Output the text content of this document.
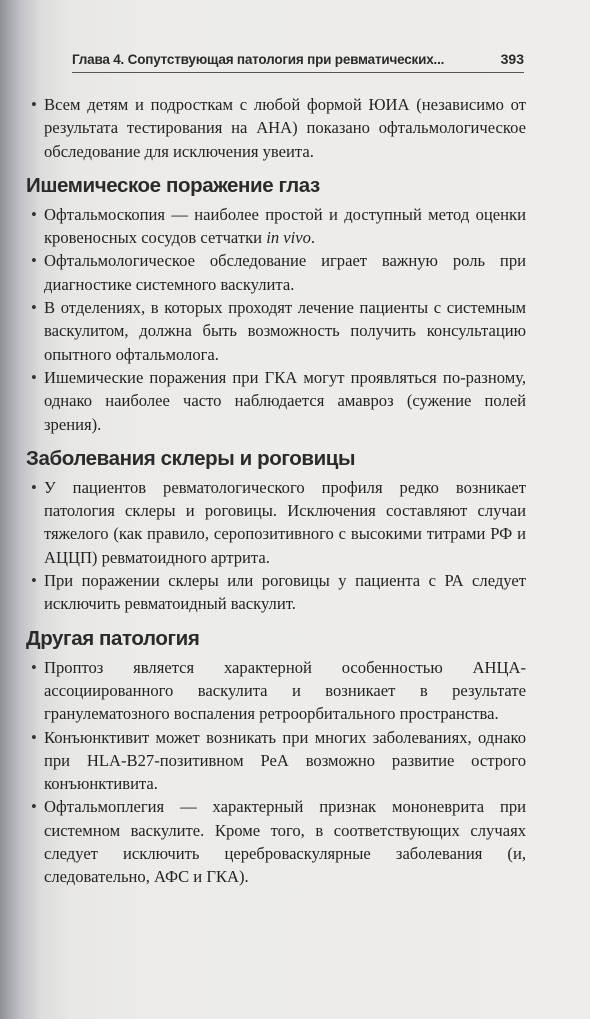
Глава 4. Сопутствующая патология при ревматических...	393
• Всем детям и подросткам с любой формой ЮИА (независимо от результата тестирования на АНА) показано офтальмологическое обследование для исключения увеита.
Ишемическое поражение глаз
• Офтальмоскопия — наиболее простой и доступный метод оценки кровеносных сосудов сетчатки in vivo.
• Офтальмологическое обследование играет важную роль при диагностике системного васкулита.
• В отделениях, в которых проходят лечение пациенты с системным васкулитом, должна быть возможность получить консультацию опытного офтальмолога.
• Ишемические поражения при ГКА могут проявляться по-разному, однако наиболее часто наблюдается амавроз (сужение полей зрения).
Заболевания склеры и роговицы
• У пациентов ревматологического профиля редко возникает патология склеры и роговицы. Исключения составляют случаи тяжелого (как правило, серопозитивного с высокими титрами РФ и АЦЦП) ревматоидного артрита.
• При поражении склеры или роговицы у пациента с РА следует исключить ревматоидный васкулит.
Другая патология
• Проптоз является характерной особенностью АНЦА-ассоциированного васкулита и возникает в результате гранулематозного воспаления ретроорбитального пространства.
• Конъюнктивит может возникать при многих заболеваниях, однако при HLA-B27-позитивном РеА возможно развитие острого конъюнктивита.
• Офтальмоплегия — характерный признак мононеврита при системном васкулите. Кроме того, в соответствующих случаях следует исключить цереброваскулярные заболевания (и, следовательно, АФС и ГКА).
